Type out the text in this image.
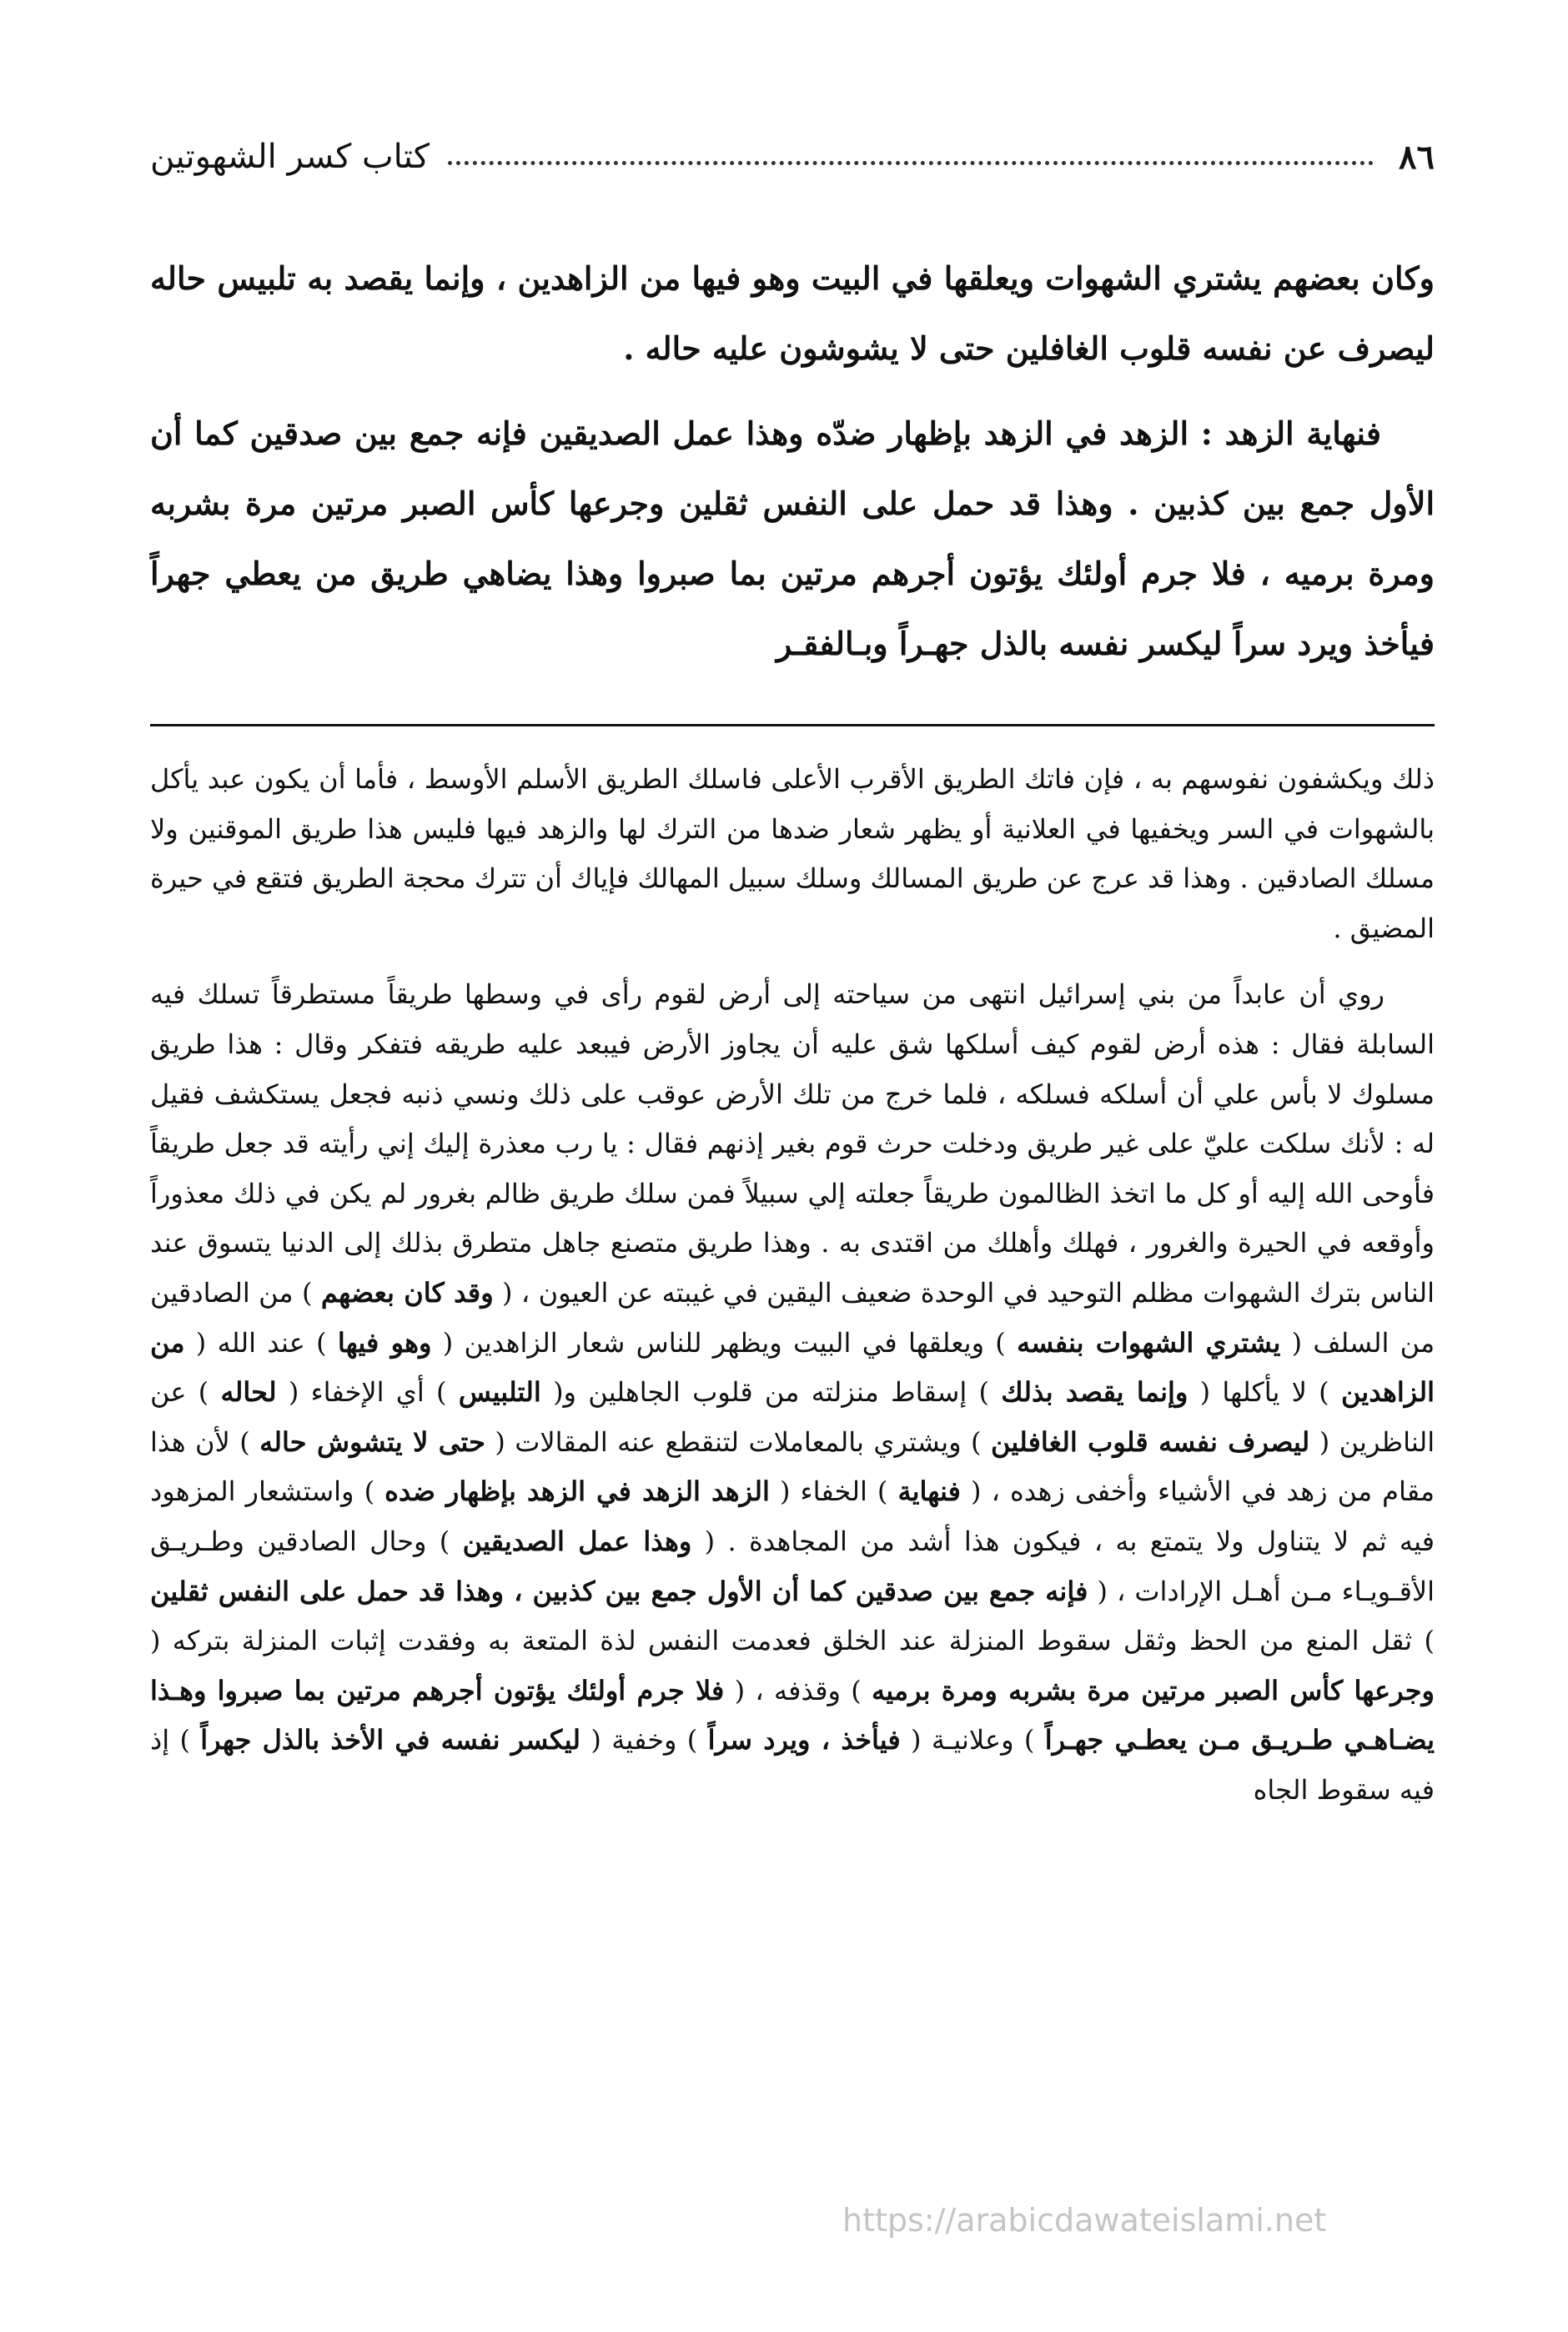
٨٦
كتاب كسر الشهوتين

وكان بعضهم يشتري الشهوات ويعلقها في البيت وهو فيها من الزاهدين ، وإنما يقصد به تلبيس حاله ليصرف عن نفسه قلوب الغافلين حتى لا يشوشون عليه حاله .

فنهاية الزهد : الزهد في الزهد بإظهار ضدّه وهذا عمل الصديقين فإنه جمع بين صدقين كما أن الأول جمع بين كذبين . وهذا قد حمل على النفس ثقلين وجرعها كأس الصبر مرتين مرة بشربه ومرة برميه ، فلا جرم أولئك يؤتون أجرهم مرتين بما صبروا وهذا يضاهي طريق من يعطي جهراً فيأخذ ويرد سراً ليكسر نفسه بالذل جهـراً وبـالفقـر

ذلك ويكشفون نفوسهم به ، فإن فاتك الطريق الأقرب الأعلى فاسلك الطريق الأسلم الأوسط ، فأما أن يكون عبد يأكل بالشهوات في السر ويخفيها في العلانية أو يظهر شعار ضدها من الترك لها والزهد فيها فليس هذا طريق الموقنين ولا مسلك الصادقين . وهذا قد عرج عن طريق المسالك وسلك سبيل المهالك فإياك أن تترك محجة الطريق فتقع في حيرة المضيق .

روي أن عابداً من بني إسرائيل انتهى من سياحته إلى أرض لقوم رأى في وسطها طريقاً مستطرقاً تسلك فيه السابلة فقال : هذه أرض لقوم كيف أسلكها شق عليه أن يجاوز الأرض فيبعد عليه طريقه فتفكر وقال : هذا طريق مسلوك لا بأس علي أن أسلكه فسلكه ، فلما خرج من تلك الأرض عوقب على ذلك ونسي ذنبه فجعل يستكشف فقيل له : لأنك سلكت عليّ على غير طريق ودخلت حرث قوم بغير إذنهم فقال : يا رب معذرة إليك إني رأيته قد جعل طريقاً فأوحى الله إليه أو كل ما اتخذ الظالمون طريقاً جعلته إلي سبيلاً فمن سلك طريق ظالم بغرور لم يكن في ذلك معذوراً وأوقعه في الحيرة والغرور ، فهلك وأهلك من اقتدى به . وهذا طريق متصنع جاهل متطرق بذلك إلى الدنيا يتسوق عند الناس بترك الشهوات مظلم التوحيد في الوحدة ضعيف اليقين في غيبته عن العيون ، ( وقد كان بعضهم ) من الصادقين من السلف ( يشتري الشهوات بنفسه ) ويعلقها في البيت ويظهر للناس شعار الزاهدين ( وهو فيها ) عند الله ( من الزاهدين ) لا يأكلها ( وإنما يقصد بذلك ) إسقاط منزلته من قلوب الجاهلين و( التلبيس ) أي الإخفاء ( لحاله ) عن الناظرين ( ليصرف نفسه قلوب الغافلين ) ويشتري بالمعاملات لتنقطع عنه المقالات ( حتى لا يتشوش حاله ) لأن هذا مقام من زهد في الأشياء وأخفى زهده ، ( فنهاية ) الخفاء ( الزهد الزهد في الزهد بإظهار ضده ) واستشعار المزهود فيه ثم لا يتناول ولا يتمتع به ، فيكون هذا أشد من المجاهدة . ( وهذا عمل الصديقين ) وحال الصادقين وطـريـق الأقـويـاء مـن أهـل الإرادات ، ( فإنه جمع بين صدقين كما أن الأول جمع بين كذبين ، وهذا قد حمل على النفس ثقلين ) ثقل المنع من الحظ وثقل سقوط المنزلة عند الخلق فعدمت النفس لذة المتعة به وفقدت إثبات المنزلة بتركه ( وجرعها كأس الصبر مرتين مرة بشربه ومرة برميه ) وقذفه ، ( فلا جرم أولئك يؤتون أجرهم مرتين بما صبروا وهـذا يضـاهـي طـريـق مـن يعطـي جهـراً ) وعلانيـة ( فيأخذ ، ويرد سراً ) وخفية ( ليكسر نفسه في الأخذ بالذل جهراً ) إذ فيه سقوط الجاه

https://arabicdawateislami.net
